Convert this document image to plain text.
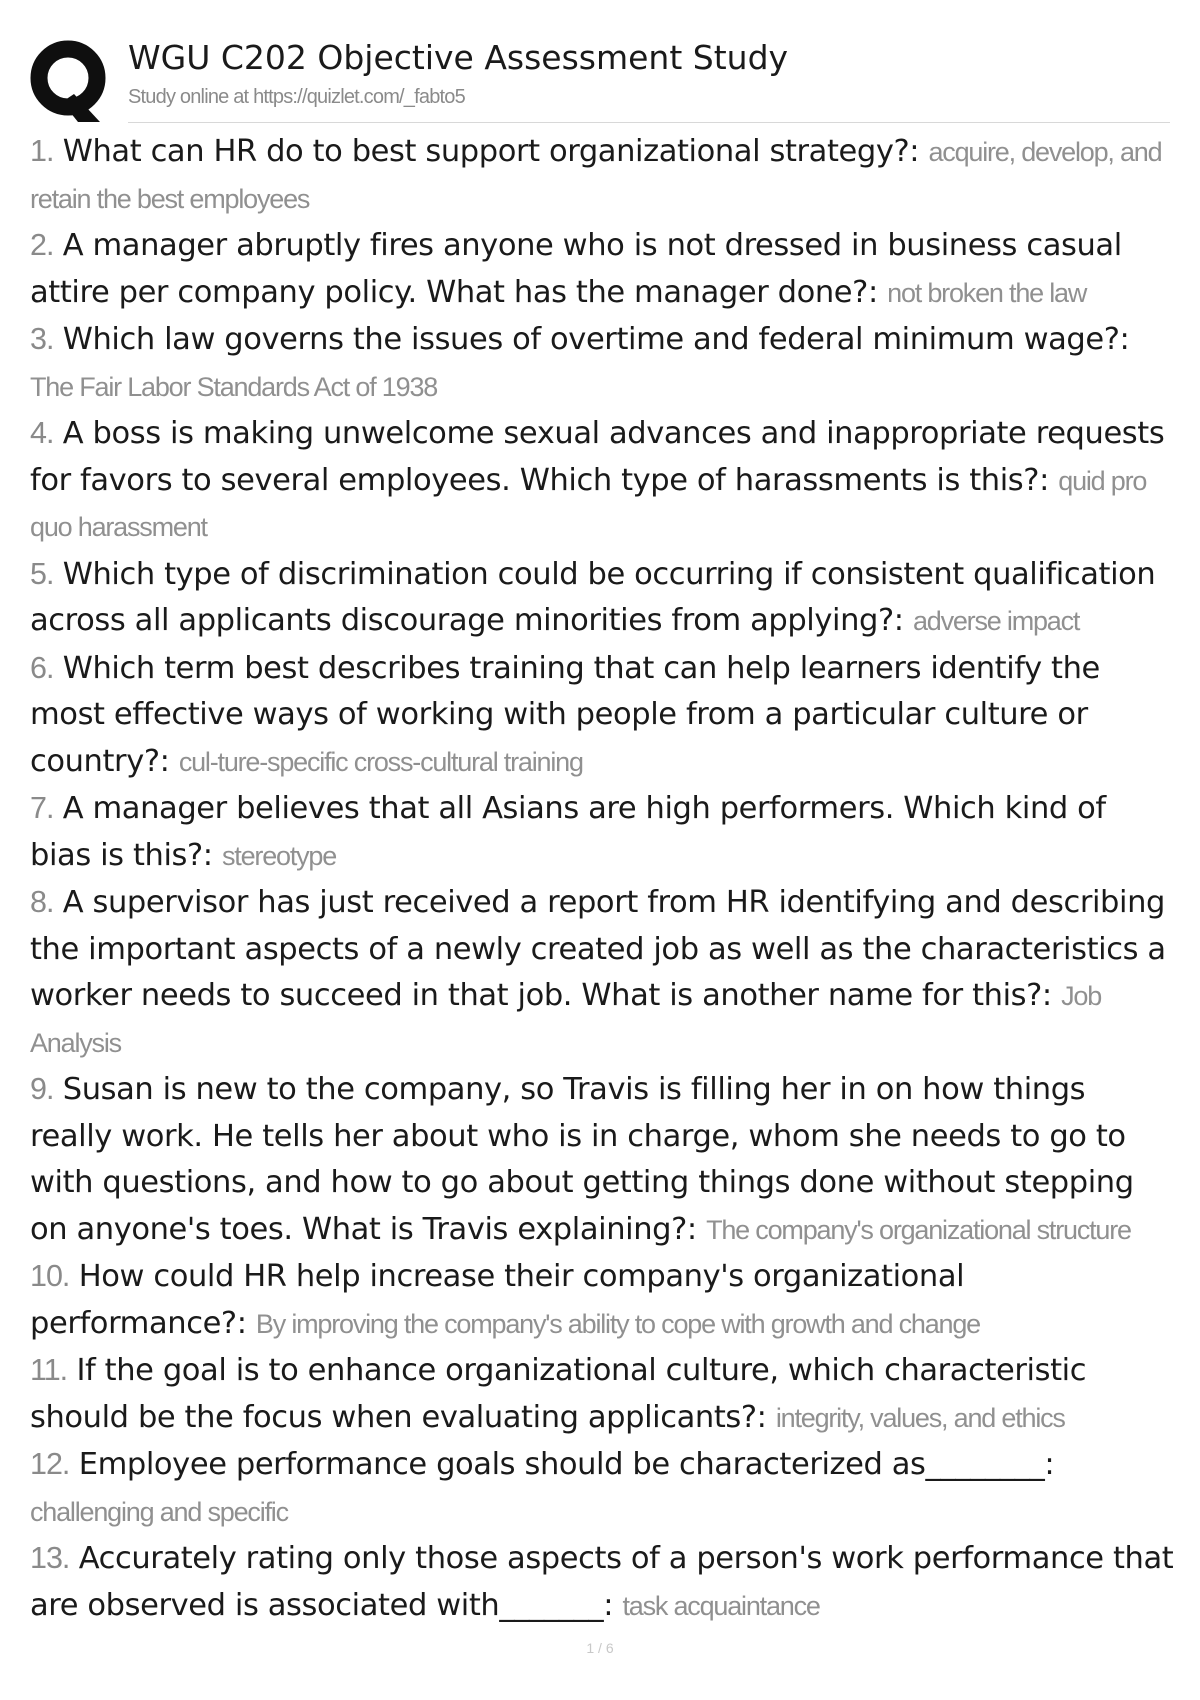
WGU C202 Objective Assessment Study
Study online at https://quizlet.com/_fabto5

1. What can HR do to best support organizational strategy?: acquire, develop, and retain the best employees

2. A manager abruptly fires anyone who is not dressed in business casual attire per company policy. What has the manager done?: not broken the law

3. Which law governs the issues of overtime and federal minimum wage?: The Fair Labor Standards Act of 1938

4. A boss is making unwelcome sexual advances and inappropriate requests for favors to several employees. Which type of harassments is this?: quid pro quo harassment

5. Which type of discrimination could be occurring if consistent qualification across all applicants discourage minorities from applying?: adverse impact

6. Which term best describes training that can help learners identify the most effective ways of working with people from a particular culture or country?: cul-ture-specific cross-cultural training

7. A manager believes that all Asians are high performers. Which kind of bias is this?: stereotype

8. A supervisor has just received a report from HR identifying and describing the important aspects of a newly created job as well as the characteristics a worker needs to succeed in that job. What is another name for this?: Job Analysis

9. Susan is new to the company, so Travis is filling her in on how things really work. He tells her about who is in charge, whom she needs to go to with questions, and how to go about getting things done without stepping on anyone's toes. What is Travis explaining?: The company's organizational structure

10. How could HR help increase their company's organizational performance?: By improving the company's ability to cope with growth and change

11. If the goal is to enhance organizational culture, which characteristic should be the focus when evaluating applicants?: integrity, values, and ethics

12. Employee performance goals should be characterized as________: challenging and specific

13. Accurately rating only those aspects of a person's work performance that are observed is associated with_______: task acquaintance

1 / 6
